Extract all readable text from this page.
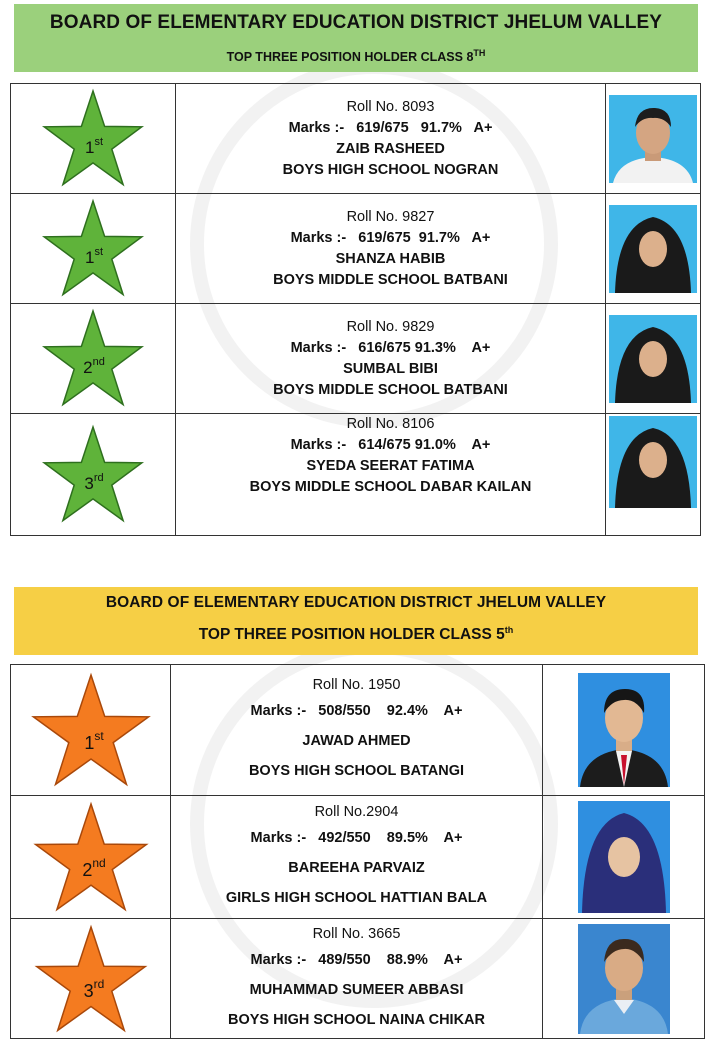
BOARD OF ELEMENTARY EDUCATION DISTRICT JHELUM VALLEY
TOP THREE POSITION HOLDER CLASS 8TH
1st	Roll No. 8093
Marks :- 619/675 91.7% A+
ZAIB RASHEED
BOYS HIGH SCHOOL NOGRAN

1st	Roll No. 9827
Marks :- 619/675 91.7% A+
SHANZA HABIB
BOYS MIDDLE SCHOOL BATBANI

2nd	Roll No. 9829
Marks :- 616/675 91.3% A+
SUMBAL BIBI
BOYS MIDDLE SCHOOL BATBANI

3rd	Roll No. 8106
Marks :- 614/675 91.0% A+
SYEDA SEERAT FATIMA
BOYS MIDDLE SCHOOL DABAR KAILAN

BOARD OF ELEMENTARY EDUCATION DISTRICT JHELUM VALLEY
TOP THREE POSITION HOLDER CLASS 5th
1st	Roll No. 1950
Marks :- 508/550 92.4% A+
JAWAD AHMED
BOYS HIGH SCHOOL BATANGI

2nd	Roll No.2904
Marks :- 492/550 89.5% A+
BAREEHA PARVAIZ
GIRLS HIGH SCHOOL HATTIAN BALA

3rd	Roll No. 3665
Marks :- 489/550 88.9% A+
MUHAMMAD SUMEER ABBASI
BOYS HIGH SCHOOL NAINA CHIKAR
